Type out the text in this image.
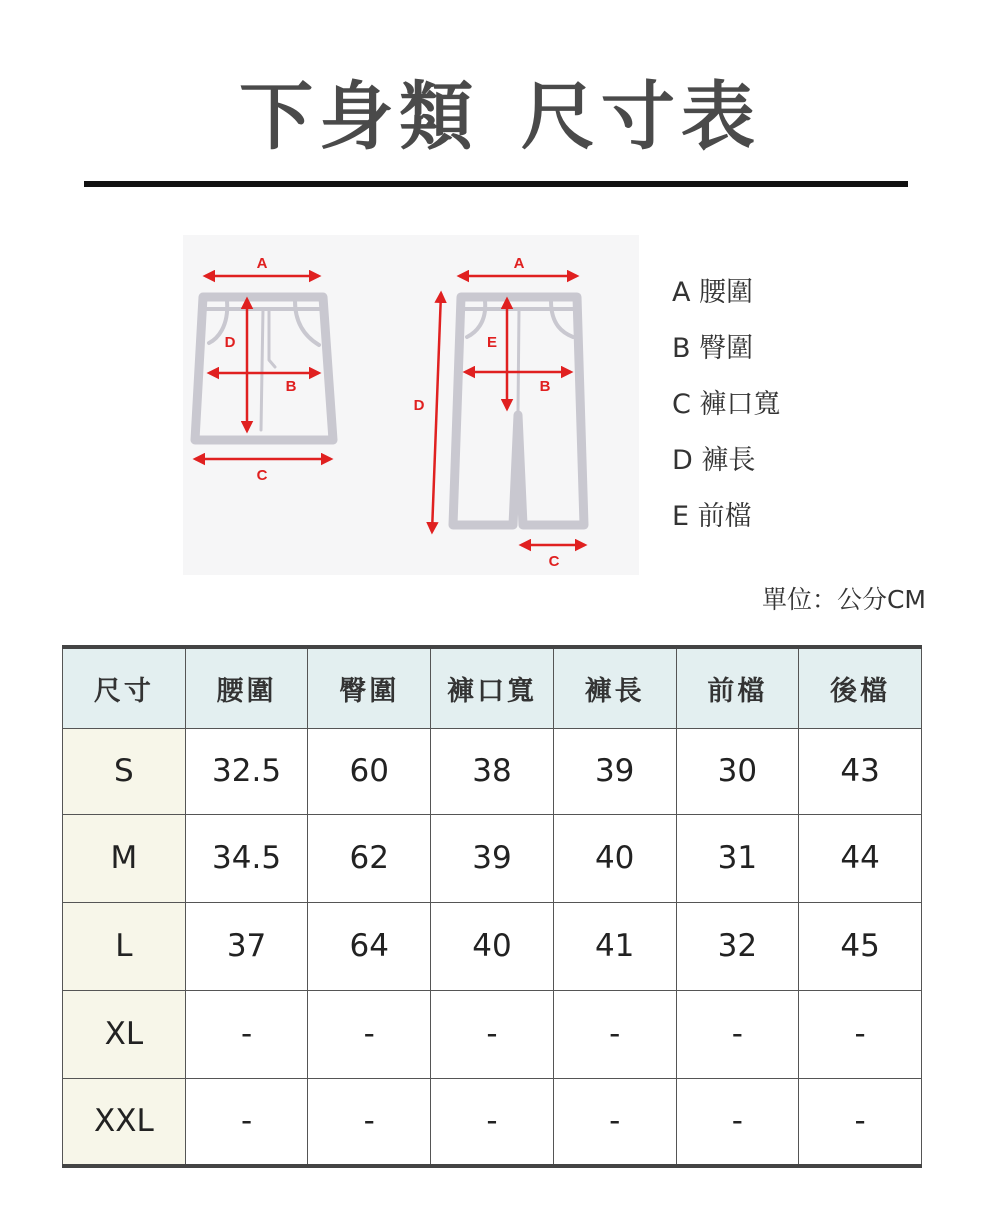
下身類 尺寸表
A
D
B
C
A
E
B
D
C
A 腰圍
B 臀圍
C 褲口寬
D 褲長
E 前檔
單位：公分CM
尺寸	腰圍	臀圍	褲口寬	褲長	前檔	後檔
S	32.5	60	38	39	30	43
M	34.5	62	39	40	31	44
L	37	64	40	41	32	45
XL	-	-	-	-	-	-
XXL	-	-	-	-	-	-
